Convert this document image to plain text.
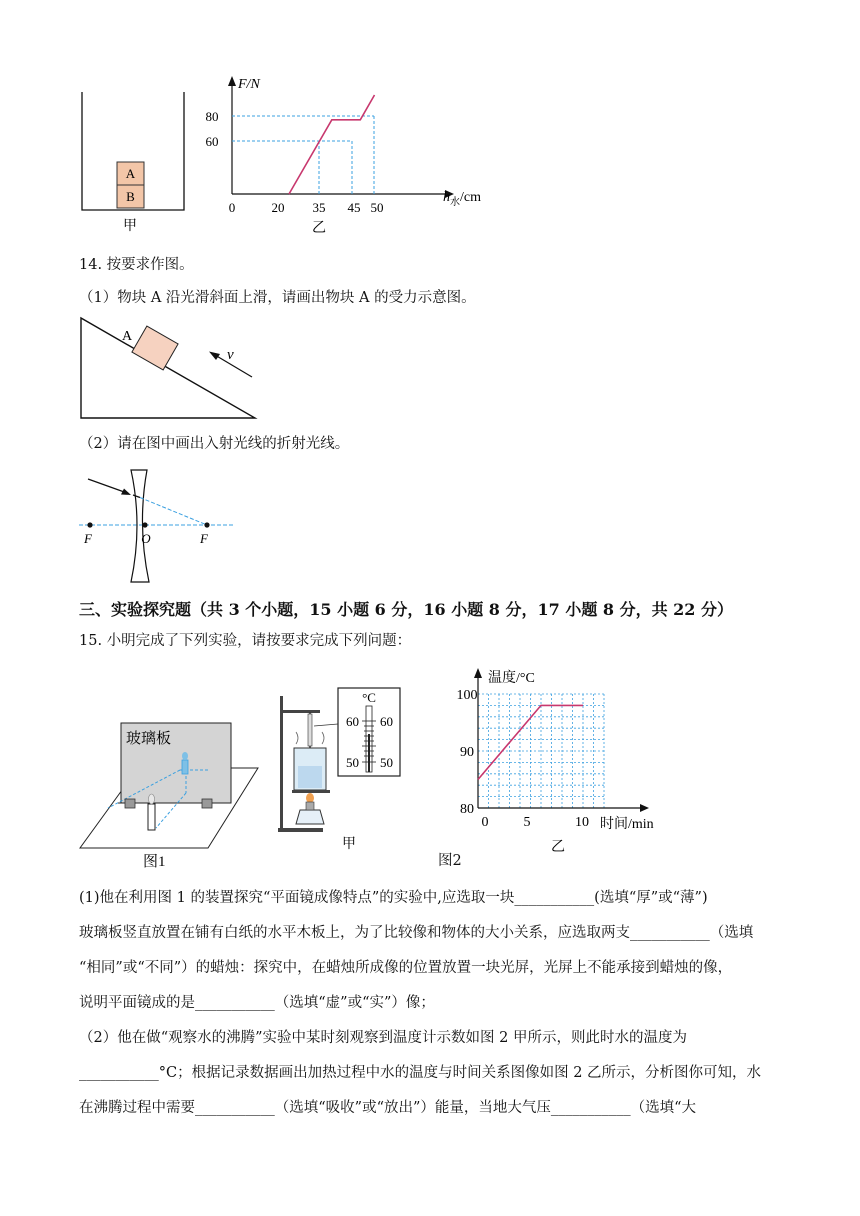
A
B
甲
F/N
80
60
0	20 35 45 50
$h_水/cm$
乙
14. 按要求作图。
（1）物块 A 沿光滑斜面上滑，请画出物块 A 的受力示意图。
A
v
（2）请在图中画出入射光线的折射光线。
F	O	F
三、实验探究题（共 3 个小题，15 小题 6 分，16 小题 8 分，17 小题 8 分，共 22 分）
15. 小明完成了下列实验，请按要求完成下列问题：
玻璃板
图1
°C
60 60
50 50
甲
温度/°C
100
90
80
0	5	10 时间/min
乙
图2
(1)他在利用图 1 的装置探究“平面镜成像特点”的实验中,应选取一块___________(选填“厚”或“薄”)
玻璃板竖直放置在铺有白纸的水平木板上，为了比较像和物体的大小关系，应选取两支___________（选填
“相同”或“不同”）的蜡烛：探究中，在蜡烛所成像的位置放置一块光屏，光屏上不能承接到蜡烛的像，
说明平面镜成的是___________（选填“虚”或“实”）像；
（2）他在做“观察水的沸腾”实验中某时刻观察到温度计示数如图 2 甲所示，则此时水的温度为
___________°C；根据记录数据画出加热过程中水的温度与时间关系图像如图 2 乙所示，分析图你可知，水
在沸腾过程中需要___________（选填“吸收”或“放出”）能量，当地大气压___________（选填“大
